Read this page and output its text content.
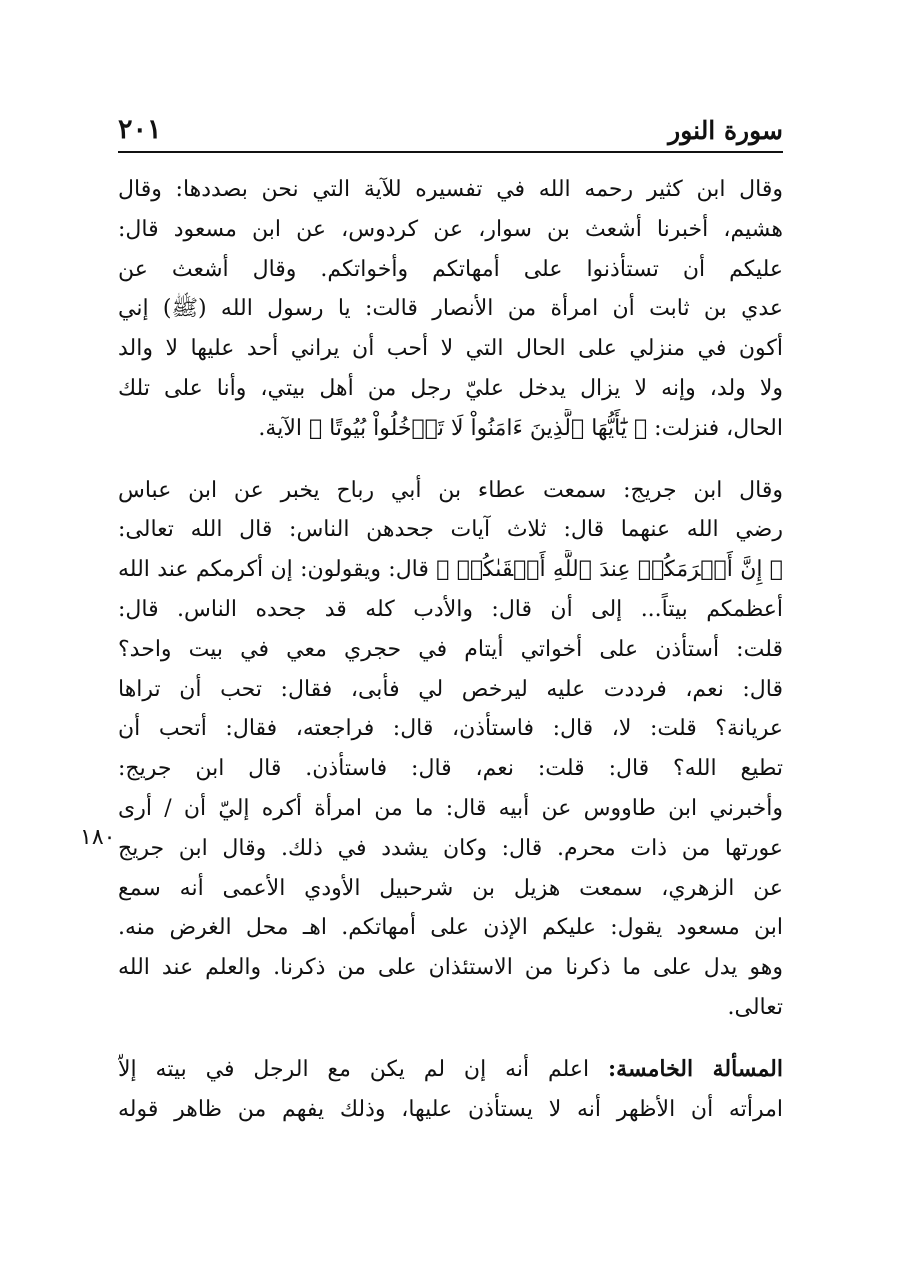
سورة النور
٢٠١
وقال ابن كثير رحمه الله في تفسيره للآية التي نحن بصددها: وقال
هشيم، أخبرنا أشعث بن سوار، عن كردوس، عن ابن مسعود قال:
عليكم أن تستأذنوا على أمهاتكم وأخواتكم. وقال أشعث عن
عدي بن ثابت أن امرأة من الأنصار قالت: يا رسول الله (ﷺ) إني
أكون في منزلي على الحال التي لا أحب أن يراني أحد عليها لا والد
ولا ولد، وإنه لا يزال يدخل عليّ رجل من أهل بيتي، وأنا على تلك
الحال، فنزلت: ﴿ يَٰٓأَيُّهَا ٱلَّذِينَ ءَامَنُواْ لَا تَدۡخُلُواْ بُيُوتًا ﴾ الآية.
وقال ابن جريج: سمعت عطاء بن أبي رباح يخبر عن ابن عباس
رضي الله عنهما قال: ثلاث آيات جحدهن الناس: قال الله تعالى:
﴿ إِنَّ أَكۡرَمَكُمۡ عِندَ ٱللَّهِ أَتۡقَىٰكُمۡ ﴾ قال: ويقولون: إن أكرمكم عند الله
أعظمكم بيتاً... إلى أن قال: والأدب كله قد جحده الناس. قال:
قلت: أستأذن على أخواتي أيتام في حجري معي في بيت واحد؟
قال: نعم، فرددت عليه ليرخص لي فأبى، فقال: تحب أن تراها
عريانة؟ قلت: لا، قال: فاستأذن، قال: فراجعته، فقال: أتحب أن
تطيع الله؟ قال: قلت: نعم، قال: فاستأذن. قال ابن جريج:
وأخبرني ابن طاووس عن أبيه قال: ما من امرأة أكره إليّ أن / أرى
عورتها من ذات محرم. قال: وكان يشدد في ذلك. وقال ابن جريج
عن الزهري، سمعت هزيل بن شرحبيل الأودي الأعمى أنه سمع
ابن مسعود يقول: عليكم الإذن على أمهاتكم. اهـ محل الغرض منه.
وهو يدل على ما ذكرنا من الاستئذان على من ذكرنا. والعلم عند الله
تعالى.
المسألة الخامسة: اعلم أنه إن لم يكن مع الرجل في بيته إلاّ
امرأته أن الأظهر أنه لا يستأذن عليها، وذلك يفهم من ظاهر قوله
١٨٠
